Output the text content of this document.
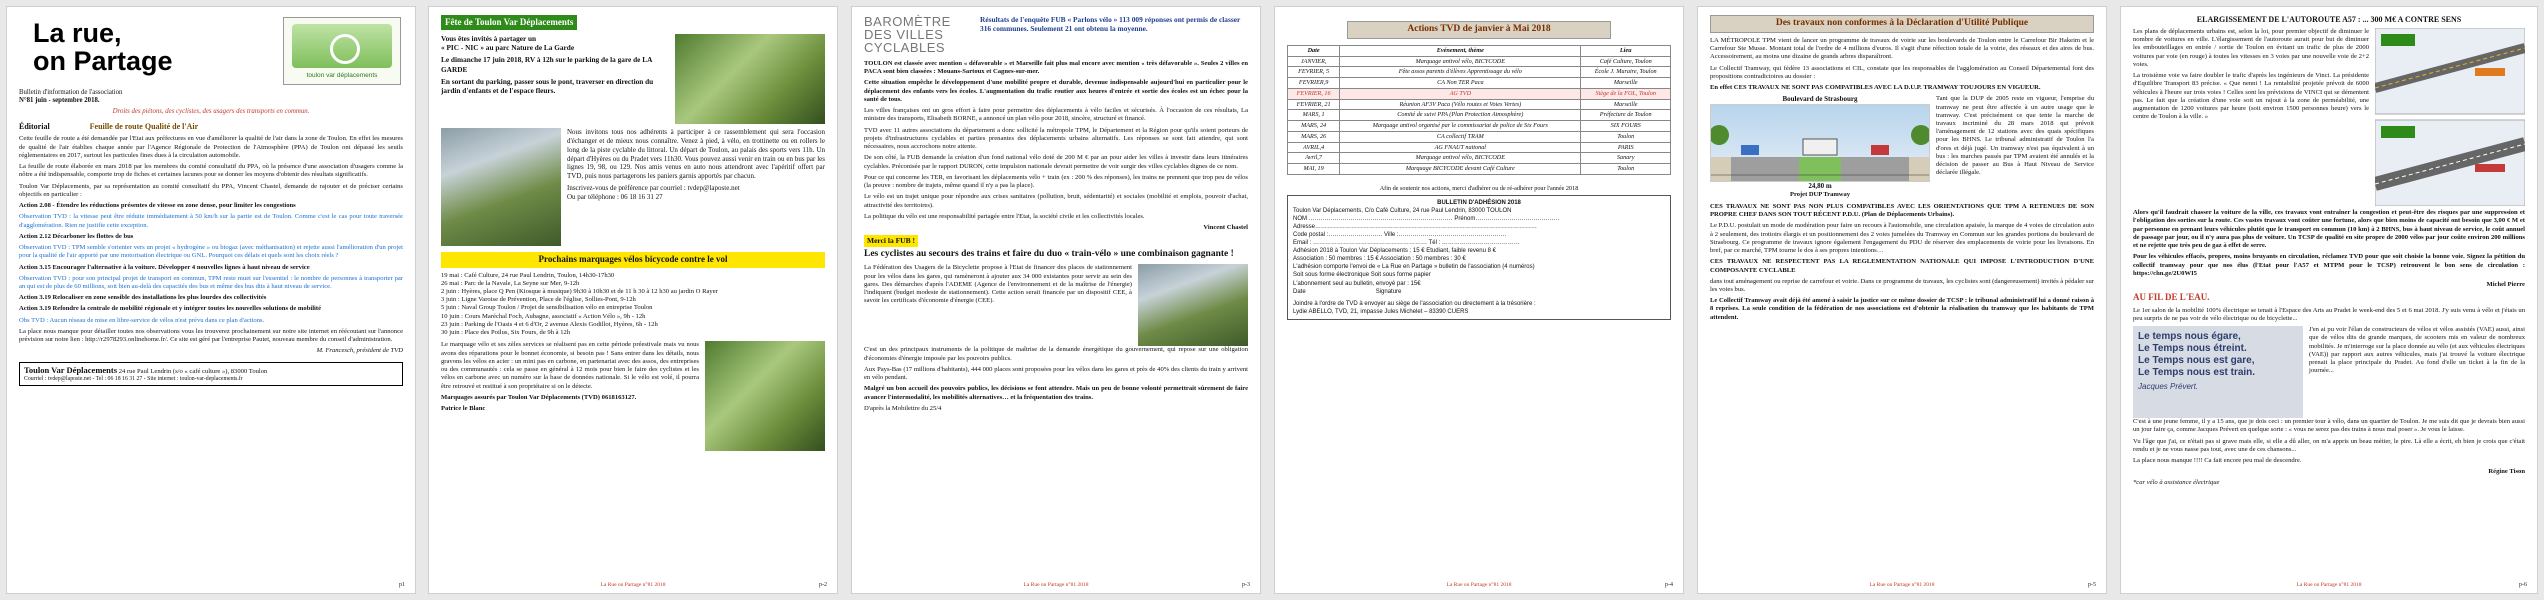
La rue,
on Partage	toulon var déplacements
Bulletin d'information de l'association
N°81 juin - septembre 2018.
Droits des piétons, des cyclistes, des usagers des transports en commun.
Éditorial	Feuille de route Qualité de l'Air

Cette feuille de route a été demandée par l'Etat aux préfectures en vue d'améliorer la qualité de l'air dans la zone de Toulon. En effet les mesures de qualité de l'air établies chaque année par l'Agence Régionale de Protection de l'Atmosphère (PPA) de Toulon ont dépassé les seuils réglementaires en 2017, surtout les particules fines dues à la circulation automobile.

La feuille de route élaborée en mars 2018 par les membres du comité consultatif du PPA, où la présence d'une association d'usagers comme la nôtre a été indispensable, comporte trop de fiches et certaines lacunes pour se donner les moyens d'obtenir des résultats significatifs.

Toulon Var Déplacements, par sa représentation au comité consultatif du PPA, Vincent Chastel, demande de rajouter et de préciser certains objectifs en particulier :

Action 2.08 - Étendre les réductions présentes de vitesse en zone dense, pour limiter les congestions

Observation TVD : la vitesse peut être réduite immédiatement à 50 km/h sur la partie est de Toulon. Comme c'est le cas pour toute traversée d'agglomération. Rien ne justifie cette exception.

Action 2.12 Décarboner les flottes de bus

Observation TVD : TPM semble s'orienter vers un projet « hydrogène » ou biogaz (avec méthanisation) et rejette aussi l'amélioration d'un projet pour la qualité de l'air apporté par une motorisation électrique ou GNL. Pourquoi ces délais et quels sont les choix réels ?

Action 3.15 Encourager l'alternative à la voiture. Développer 4 nouvelles lignes à haut niveau de service

Observation TVD : pour son principal projet de transport en commun, TPM reste muet sur l'essentiel : le nombre de personnes à transporter par an qui est de plus de 60 millions, soit bien au-delà des capacités des bus et même des bus dits à haut niveau de service.

Action 3.19 Relocaliser en zone sensible des installations les plus lourdes des collectivités

Action 3.19 Refondre la centrale de mobilité régionale et y intégrer toutes les nouvelles solutions de mobilité

Obs TVD : Aucun réseau de mise en libre-service de vélos n'est prévu dans ce plan d'actions.

La place nous manque pour détailler toutes nos observations vous les trouverez prochainement sur notre site internet en réécoutant sur l'annonce prévision sur notre lien : http://r2978293.onlinehome.fr/. Ce site est géré par l'entreprise Pautet, nouveau membre du conseil d'administration.

M. Francesch, président de TVD

Toulon Var Déplacements 24 rue Paul Lendrin (s/o « café culture »), 83000 Toulon
Courriel : tvdep@laposte.net - Tel : 06 18 16 31 27 - Site internet : toulon-var-deplacements.fr
p1
Fête de Toulon Var Déplacements
Vous êtes invités à partager un
« PIC - NIC » au parc Nature de La Garde
Le dimanche 17 juin 2018, RV à 12h sur le parking de la gare de LA GARDE
En sortant du parking, passer sous le pont, traverser en direction du jardin d'enfants et de l'espace fleurs.

Nous invitons tous nos adhérents à participer à ce rassemblement qui sera l'occasion d'échanger et de mieux nous connaître. Venez à pied, à vélo, en trottinette ou en rollers le long de la piste cyclable du littoral. Un départ de Toulon, au palais des sports vers 11h. Un départ d'Hyères ou du Pradet vers 11h30. Vous pouvez aussi venir en train ou en bus par les lignes 19, 98, ou 129. Nos amis venus en auto nous attendront avec l'apéritif offert par TVD, puis nous partagerons les paniers garnis apportés par chacun.

Inscrivez-vous de préférence par courriel : tvdep@laposte.net
Ou par téléphone : 06 18 16 31 27
Prochains marquages vélos bicycode contre le vol
19 mai : Café Culture, 24 rue Paul Lendrin, Toulon, 14h30-17h30
26 mai : Parc de la Navale, La Seyne sur Mer, 9-12h
2 juin : Hyères, place Q Pen (Kiosque à musique) 9h30 à 10h30 et de 11 h 30 à 12 h30 au jardin O Rayer
3 juin : Ligne Varoise de Prévention, Place de l'église, Sollies-Pont, 9-12h
5 juin : Naval Group Toulon / Projet de sensibilisation vélo en entreprise Toulon
10 juin : Cours Maréchal Foch, Aubagne, associatif « Action Vélo », 9h - 12h
23 juin : Parking de l'Oasis 4 et 6 d'Or, 2 avenue Alexis Godillot, Hyères, 6h - 12h
30 juin : Place des Poilus, Six Fours, de 9h à 12h

Le marquage vélo et ses zèles services se réalisent pas en cette période préestivale mais vu nous avons des réparations pour le bonnet économie, si besoin pas ! Sans entrer dans les détails, nous gravons les vélos en acier : un mini pas en carbone, en partenariat avec des assos, des entreprises ou des communautés : cela se passe en général à 12 mois pour bien le faire des cyclistes et les vélos en carbone avec un numéro sur la base de données nationale. Si le vélo est volé, il pourra être retrouvé et restitué à son propriétaire si on le détecte.

Marquages assurés par Toulon Var Déplacements (TVD) 0618163127.

Patrice le Blanc

La Rue on Partage n°81 2018	p-2
BAROMÈTRE
DES VILLES
CYCLABLES
Résultats de l'enquête FUB « Parlons vélo » 113 009 réponses ont permis de classer 316 communes. Seulement 21 ont obtenu la moyenne.

TOULON est classée avec mention « défavorable » et Marseille fait plus mal encore avec mention « très défavorable ». Seules 2 villes en PACA sont bien classées : Mouans-Sartoux et Cagnes-sur-mer.

Cette situation empêche le développement d'une mobilité propre et durable, devenue indispensable aujourd'hui en particulier pour le déplacement des enfants vers les écoles. L'augmentation du trafic routier aux heures d'entrée et sortie des écoles est un échec pour la santé de tous.

Les villes françaises ont un gros effort à faire pour permettre des déplacements à vélo faciles et sécurisés. À l'occasion de ces résultats, La ministre des transports, Elisabeth BORNE, a annoncé un plan vélo pour 2018, sincère, structuré et financé.

TVD avec 11 autres associations du département a donc sollicité la métropole TPM, le Département et la Région pour qu'ils soient porteurs de projets d'infrastructures cyclables et parties prenantes des déplacements urbains alternatifs. Les réponses se sont fait attendre, qui sont nécessaires, nous accrochons notre attente.

De son côté, la FUB demande la création d'un fond national vélo doté de 200 M € par an pour aider les villes à investir dans leurs itinéraires cyclables. Préconisée par le rapport DURON, cette impulsion nationale devrait permettre de voir surgir des villes cyclables dignes de ce nom.

Pour ce qui concerne les TER, en favorisant les déplacements vélo + train (ex : 200 % des réponses), les trains ne prennent que trop peu de vélos (la preuve : nombre de trajets, même quand il n'y a pas la place).

Le vélo est un trajet unique pour répondre aux crises sanitaires (pollution, bruit, sédentarité) et sociales (mobilité et emplois, pouvoir d'achat, attractivité des territoires).

La politique du vélo est une responsabilité partagée entre l'Etat, la société civile et les collectivités locales.

Vincent Chastel

Merci la FUB !
Les cyclistes au secours des trains et faire du duo « train-vélo » une combinaison gagnante !

La Fédération des Usagers de la Bicyclette propose à l'Etat de financer des places de stationnement pour les vélos dans les gares, qui ramèneront à ajouter aux 34 000 existantes pour servir au sein des gares. Des démarches d'après l'ADEME (Agence de l'environnement et de la maîtrise de l'énergie) l'indiquent (budget modeste de stationnement). Cette action serait financée par un dispositif CEE, à savoir les certificats d'économie d'énergie (CEE).

C'est un des principaux instruments de la politique de maîtrise de la demande énergétique du gouvernement, qui repose sur une obligation d'économies d'énergie imposée par les pouvoirs publics.

Aux Pays-Bas (17 millions d'habitants), 444 000 places sont proposées pour les vélos dans les gares et près de 40% des clients du train y arrivent en vélo pendant.

Malgré un bon accueil des pouvoirs publics, les décisions se font attendre. Mais un peu de bonne volonté permettrait sûrement de faire avancer l'intermodalité, les mobilités alternatives… et la fréquentation des trains.

D'après la Mobilettre du 25/4

La Rue on Partage n°81 2018	p-3
Actions TVD de janvier à Mai 2018
Date	Evénement, thème	Lieu
JANVIER,	Marquage antivol vélo, BICYCODE	Café Culture, Toulon
FEVRIER, 5	Fête assos parents d'élèves Apprentissage du vélo	École J. Muraire, Toulon
FEVRIER,9	CA Non TER Paca	Marseille
FEVRIER, 16	AG TVD	Siège de la FOL, Toulon
FEVRIER, 21	Réunion AF3V Paca (Vélo routes et Voies Vertes)	Marseille
MARS, 1	Comité de suivi PPA (Plan Protection Atmosphère)	Préfecture de Toulon
MARS, 24	Marquage antivol organisé par le commissariat de police de Six Fours	SIX FOURS
MARS, 26	CA collectif TRAM	Toulon
AVRIL,4	AG FNAUT national	PARIS
Avril,7	Marquage antivol vélo, BICYCODE	Sanary
MAI, 19	Marquage BICYCODE devant Café Culture	Toulon
Afin de soutenir nos actions, merci d'adhérer ou de ré-adhérer pour l'année 2018
BULLETIN D'ADHÉSION 2018
Toulon Var Déplacements, C/o Café Culture, 24 rue Paul Lendrin, 83000 TOULON
NOM ……………………………………………………………… Prénom……………………………………
Adresse…………………………………………………………………………………………………
Code postal :……………………… Ville :………………………………………………
Email : ………………………………………………… Tél : …………………………………
Adhésion 2018 à Toulon Var Déplacements : 15 € Etudiant, faible revenu 8 €
Association : 50 membres : 15 € Association : 50 membres : 30 €
L'adhésion comporte l'envoi de « La Rue en Partage » bulletin de l'association (4 numéros)
Soit sous forme électronique Soit sous forme papier
L'abonnement seul au bulletin, envoyé par : 15€
Date	Signature
Joindre à l'ordre de TVD à envoyer au siège de l'association ou directement à la trésorière :
Lydie ABELLO, TVD, 21, impasse Jules Michelet – 83390 CUERS
La Rue on Partage n°81 2018	p-4
Des travaux non conformes à la Déclaration d'Utilité Publique

LA MÉTROPOLE TPM vient de lancer un programme de travaux de voirie sur les boulevards de Toulon entre le Carrefour Bir Hakeim et le Carrefour Ste Musse. Montant total de l'ordre de 4 millions d'euros. Il s'agit d'une réfection totale de la voirie, des réseaux et des aires de bus. Accessoirement, au moins une dizaine de grands arbres disparaîtront.

Le Collectif Tramway, qui fédère 13 associations et CIL, constate que les responsables de l'agglomération au Conseil Départemental font des propositions contradictoires au dossier :

En effet CES TRAVAUX NE SONT PAS COMPATIBLES AVEC LA D.U.P. TRAMWAY TOUJOURS EN VIGUEUR.

Boulevard de Strasbourg
24,80 m
Projet DUP Tramway

Tant que la DUP de 2005 reste en vigueur, l'emprise du tramway ne peut être affectée à un autre usage que le tramway. C'est précisément ce que tente la marche de travaux incriminé du 28 mars 2018 qui prévoit l'aménagement de 12 stations avec des quais spécifiques pour les BHNS. Le tribunal administratif de Toulon l'a d'ores et déjà jugé. Un tramway n'est pas équivalent à un bus : les marches passés par TPM avaient été annulés et la décision de passer au Bus à Haut Niveau de Service déclarée illégale.

CES TRAVAUX NE SONT PAS NON PLUS COMPATIBLES AVEC LES ORIENTATIONS QUE TPM A RETENUES DE SON PROPRE CHEF DANS SON TOUT RÉCENT P.D.U. (Plan de Déplacements Urbains).

Le P.D.U. postulait un mode de modération pour faire un recours à l'automobile, une circulation apaisée, la marque de 4 voies de circulation auto à 2 seulement, des trottoirs élargis et un positionnement des 2 voies jumelées du Tramway en Commun sur les grandes portions du boulevard de Strasbourg. Ce programme de travaux ignore également l'engagement du PDU de réserver des emplacements de voirie pour les livraisons. En bref, par ce marché, TPM tourne le dos à ses propres intentions…

CES TRAVAUX NE RESPECTENT PAS LA REGLEMENTATION NATIONALE QUI IMPOSE L'INTRODUCTION D'UNE COMPOSANTE CYCLABLE

dans tout aménagement ou reprise de carrefour et voirie. Dans ce programme de travaux, les cyclistes sont (dangereusement) invités à pédaler sur les voies bus.

Le Collectif Tramway avait déjà été amené à saisir la justice sur ce même dossier de TCSP : le tribunal administratif lui a donné raison à 8 reprises. La seule condition de la fédération de nos associations est d'obtenir la réalisation du tramway que les habitants de TPM attendent.

La Rue on Partage n°81 2018	p-5
ELARGISSEMENT DE L'AUTOROUTE A57 : ... 300 M€ A CONTRE SENS

Les plans de déplacements urbains est, selon la loi, pour premier objectif de diminuer le nombre de voitures en ville. L'élargissement de l'autoroute aurait pour but de diminuer les embouteillages en entrée / sortie de Toulon en évitant un trafic de plus de 2000 voitures par voie (en rouge) à toutes les vitesses en 3 voies par une nouvelle voie de 2+2 voies.

La troisième voie va faire doubler le trafic d'après les ingénieurs de Vinci. La présidente d'Equilibre Transport 83 précise. « Que nenni ! La rentabilité projetée prévoit de 6000 véhicules à l'heure sur trois voies ! Celles sont les prévisions de VINCI qui se démentent pas. Le fait que la création d'une voie soit un rajout à la zone de perméabilité, une augmentation de 1200 voitures par heure (soit environ 1500 personnes heure) vers le centre de Toulon à la ville. »

Alors qu'il faudrait chasser la voiture de la ville, ces travaux vont entraîner la congestion et peut-être des risques par une suppression et l'obligation des sorties sur la route. Ces vastes travaux vont coûter une fortune, alors que bien moins de capacité ont besoin que 3,00 € M et par personne en prenant leurs véhicules plutôt que le transport en commun (10 km) à 2 BHNS, bus à haut niveau de service, le coût annuel de passage par jour, ou il n'y aura pas plus de voiture. Un TCSP de qualité en site propre de 2000 vélos par jour coûte environ 200 millions et ne rejette que très peu de gaz à effet de serre.

Pour les véhicules effacés, propres, moins bruyants en circulation, réclamez TVD pour que soit choisie la bonne voie. Signez la pétition du collectif tramway pour que nos élus (l'Etat pour l'A57 et MTPM pour le TCSP) retrouvent le bon sens de circulation : https://chn.ge/2U0WI5

Michel Pierre

AU FIL DE L'EAU.

Le 1er salon de la mobilité 100% électrique se tenait à l'Espace des Arts au Pradet le week-end des 5 et 6 mai 2018. J'y suis venu à vélo et j'étais un peu surpris de ne pas voir de vélo électrique ou de bicyclette...

Le temps nous égare,
Le Temps nous étreint.
Le Temps nous est gare,
Le Temps nous est train.
Jacques Prévert.

J'en ai pu voir l'élan de constructeurs de vélos et vélos assistés (VAE) aussi, ainsi que de vélos dits de grande marques, de scooters mis en valeur de nombreux mobilités. Je m'interroge sur la place donnée au vélo (et aux véhicules électriques (VAE)) par rapport aux autres véhicules, mais j'ai trouvé la voiture électrique prenait la place principale du Pradet. Au fond d'elle un ticket à la fin de la journée...

C'est à une jeune femme, il y a 15 ans, que je dois ceci : un premier tour à vélo, dans un quartier de Toulon. Je me suis dit que je devrais bien aussi un jour faire ça, comme Jacques Prévert en quelque sorte : « vous ne serez pas des trains à nous mal poser ». Je vous le laisse.

Vu l'âge que j'ai, ce n'était pas si grave mais elle, si elle a dû aller, on m'a appris un beau métier, le pire. Là elle a écrit, eh bien je crois que c'était rendu et je ne vous nasse pas tout, avec une de ces chansons...

La place nous manque !!!! Ca fait encore peu mal de descendre.

Régine Tison

*car vélo à assistance électrique

La Rue on Partage n°81 2018	p-6
